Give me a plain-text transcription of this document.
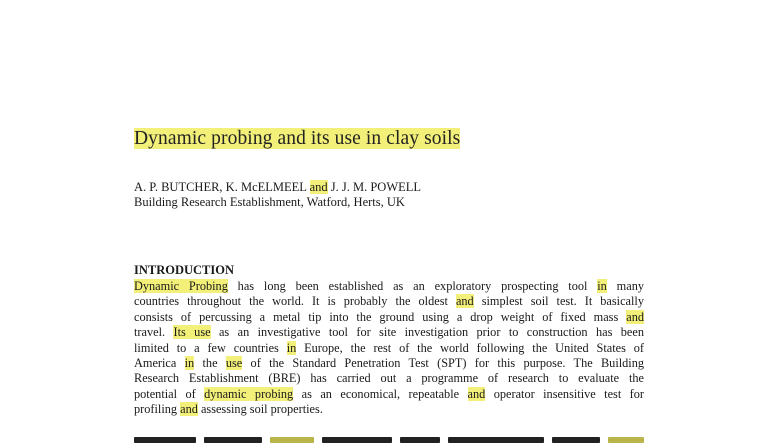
Dynamic probing and its use in clay soils
A. P. BUTCHER, K. McELMEEL and J. J. M. POWELL
Building Research Establishment, Watford, Herts, UK
INTRODUCTION
Dynamic Probing has long been established as an exploratory prospecting tool in many
countries throughout the world. It is probably the oldest and simplest soil test. It basically
consists of percussing a metal tip into the ground using a drop weight of fixed mass and
travel. Its use as an investigative tool for site investigation prior to construction has been
limited to a few countries in Europe, the rest of the world following the United States of
America in the use of the Standard Penetration Test (SPT) for this purpose. The Building
Research Establishment (BRE) has carried out a programme of research to evaluate the
potential of dynamic probing as an economical, repeatable and operator insensitive test for
profiling and assessing soil properties.
